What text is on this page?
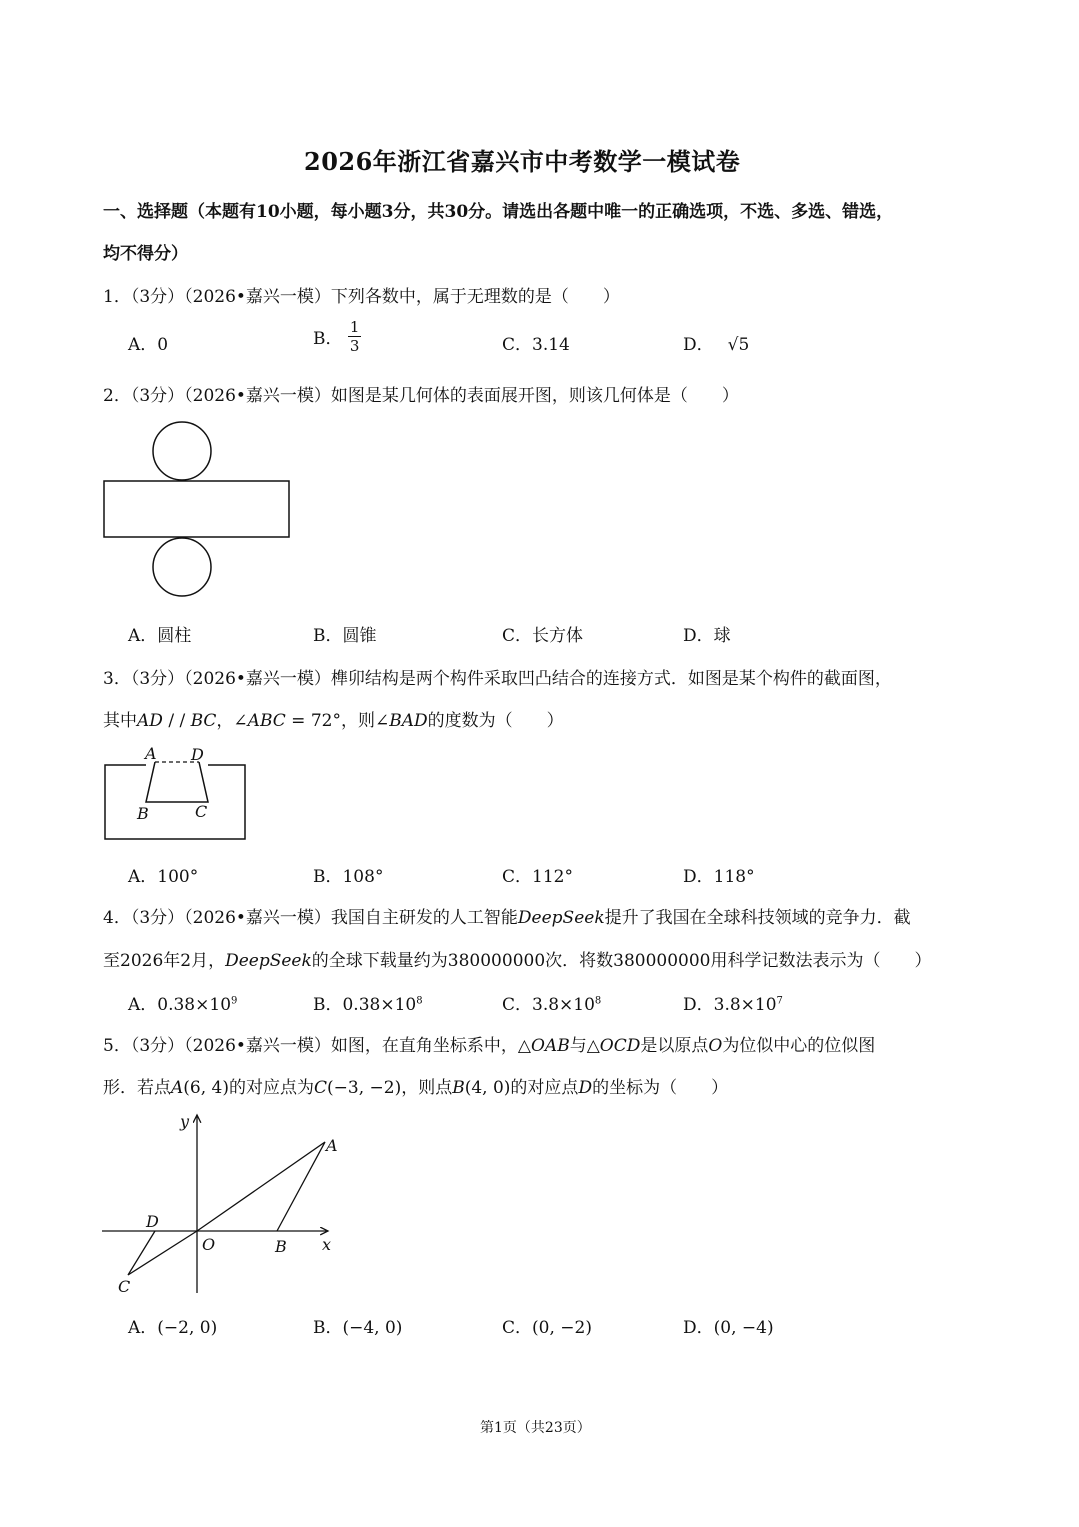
2026年浙江省嘉兴市中考数学一模试卷
一、选择题（本题有10小题，每小题3分，共30分。请选出各题中唯一的正确选项，不选、多选、错选，
均不得分）
1．（3分）（2026•嘉兴一模）下列各数中，属于无理数的是（　　）
A．0	B． $\frac{1}{3}$	C．3.14	D． √5
2．（3分）（2026•嘉兴一模）如图是某几何体的表面展开图，则该几何体是（　　）
A．圆柱	B．圆锥	C．长方体	D．球
3．（3分）（2026•嘉兴一模）榫卯结构是两个构件采取凹凸结合的连接方式．如图是某个构件的截面图，
其中AD / / BC，∠ABC = 72°，则∠BAD的度数为（　　）
A D
B	C
A．100°	B．108°	C．112°	D．118°
4．（3分）（2026•嘉兴一模）我国自主研发的人工智能DeepSeek提升了我国在全球科技领域的竞争力．截
至2026年2月，DeepSeek的全球下载量约为380000000次．将数380000000用科学记数法表示为（　　）
A．$0.38\times 10^9$	B．$0.38\times 10^8$	C．$3.8\times 10^8$	D．$3.8\times 10^7$
5．（3分）（2026•嘉兴一模）如图，在直角坐标系中，△OAB与△OCD是以原点O为位似中心的位似图
形．若点A(6, 4)的对应点为C(−3, −2)，则点B(4, 0)的对应点D的坐标为（　　）
y
x
A
B
O
D
C
A．(−2, 0)	B．(−4, 0)	C．(0, −2)	D．(0, −4)
第1页（共23页）
